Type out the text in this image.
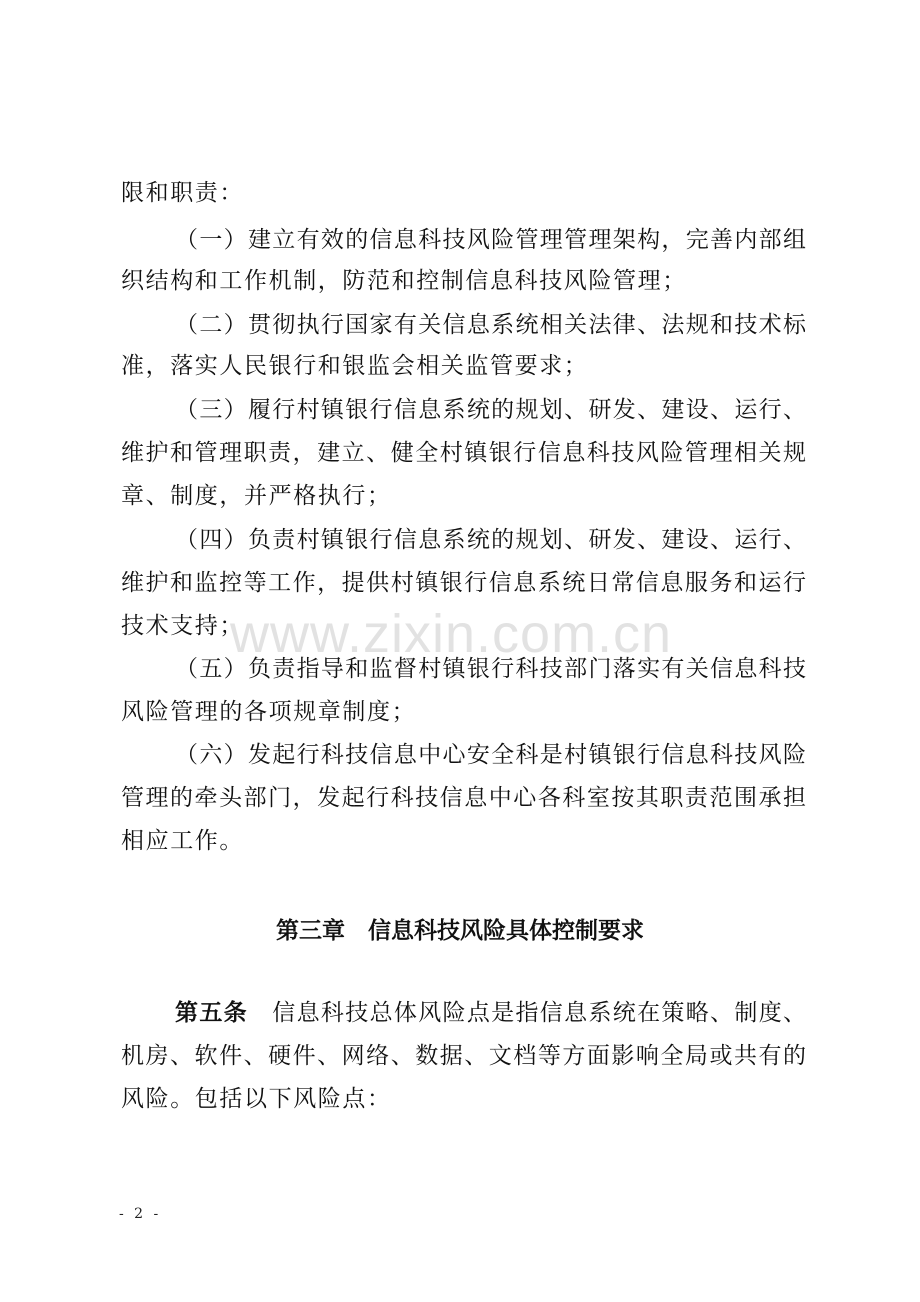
限和职责：
（一）建立有效的信息科技风险管理管理架构，完善内部组
织结构和工作机制，防范和控制信息科技风险管理；
（二）贯彻执行国家有关信息系统相关法律、法规和技术标
准，落实人民银行和银监会相关监管要求；
（三）履行村镇银行信息系统的规划、研发、建设、运行、
维护和管理职责，建立、健全村镇银行信息科技风险管理相关规
章、制度，并严格执行；
（四）负责村镇银行信息系统的规划、研发、建设、运行、
维护和监控等工作，提供村镇银行信息系统日常信息服务和运行
技术支持；
（五）负责指导和监督村镇银行科技部门落实有关信息科技
风险管理的各项规章制度；
（六）发起行科技信息中心安全科是村镇银行信息科技风险
管理的牵头部门，发起行科技信息中心各科室按其职责范围承担
相应工作。
第三章　信息科技风险具体控制要求
第五条　信息科技总体风险点是指信息系统在策略、制度、
机房、软件、硬件、网络、数据、文档等方面影响全局或共有的
风险。包括以下风险点：
www.zixin.com.cn
- 2 -
